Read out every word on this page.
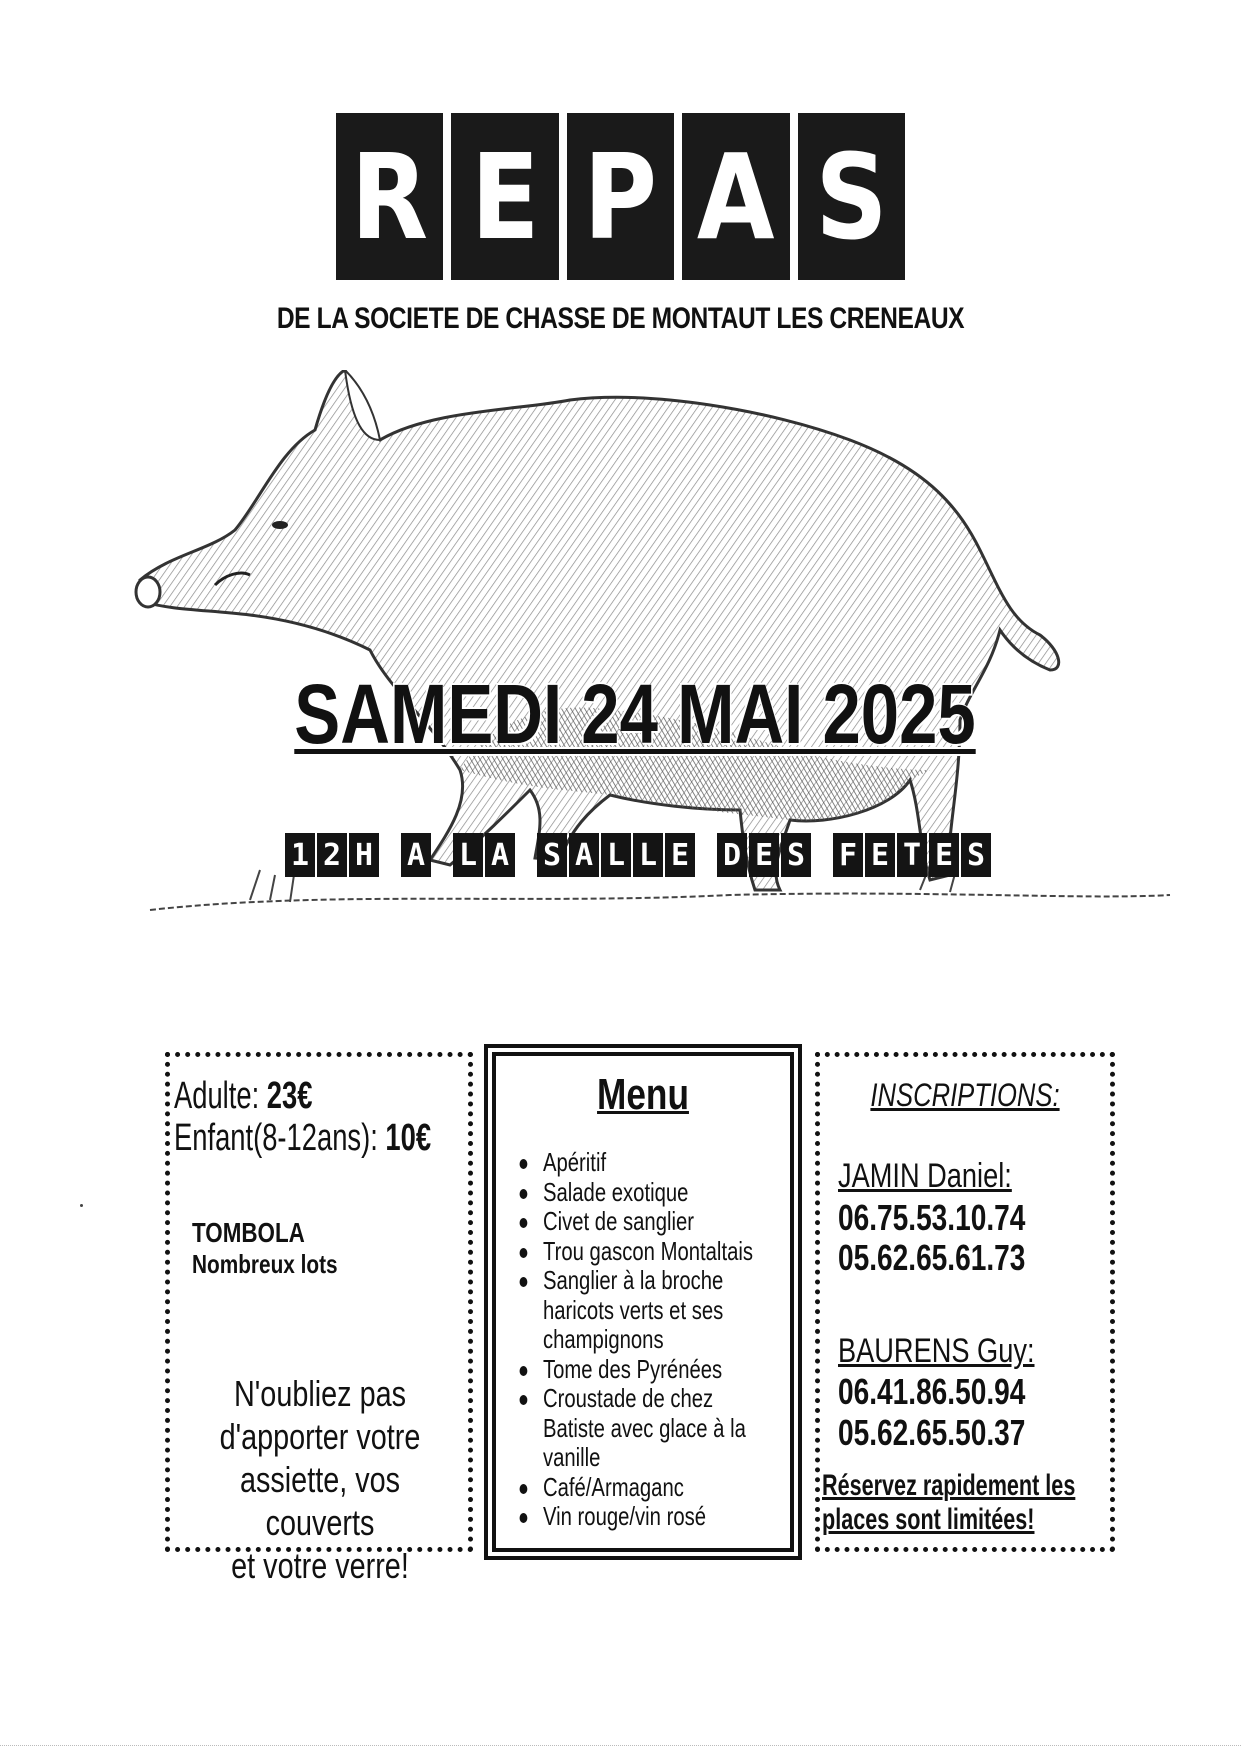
R E P A S
DE LA SOCIETE DE CHASSE DE MONTAUT LES CRENEAUX
SAMEDI 24 MAI 2025
1 2 H A L A S A L L E D E S F E T E S
Adulte: 23€
Enfant(8-12ans): 10€
TOMBOLA
Nombreux lots
N'oubliez pas
d'apporter votre
assiette, vos couverts
et votre verre!
Menu
Apéritif
Salade exotique
Civet de sanglier
Trou gascon Montaltais
Sanglier à la broche haricots verts et ses champignons
Tome des Pyrénées
Croustade de chez Batiste avec glace à la vanille
Café/Armaganc
Vin rouge/vin rosé
INSCRIPTIONS:
JAMIN Daniel:
06.75.53.10.74
05.62.65.61.73
BAURENS Guy:
06.41.86.50.94
05.62.65.50.37
Réservez rapidement les
places sont limitées!
